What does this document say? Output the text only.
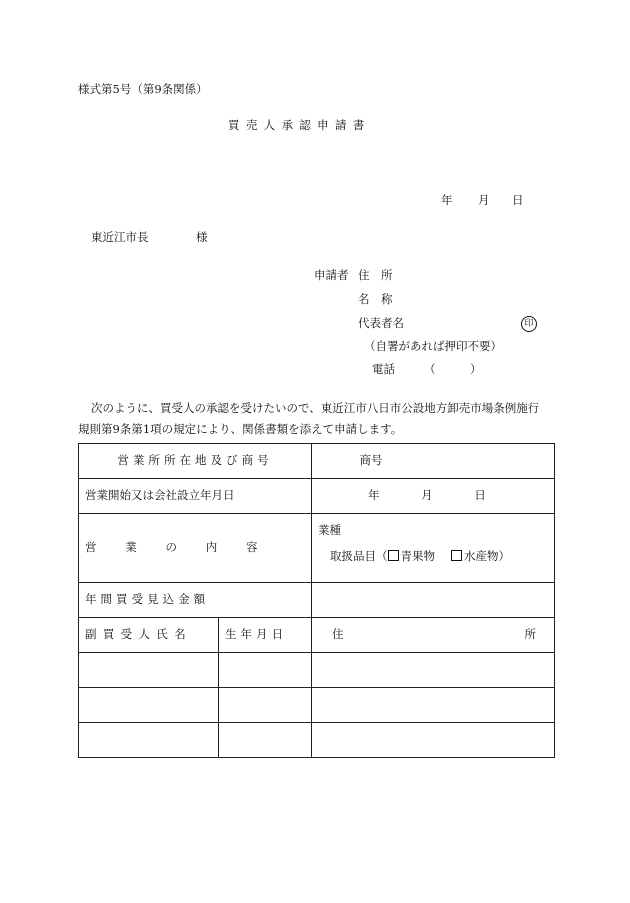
様式第5号（第9条関係）
買売人承認申請書
年 月 日
東近江市長	様
申請者 住　所
名　称
代表者名	印
（自署があれば押印不要）
電話	（　　　）
次のように、買受人の承認を受けたいので、東近江市八日市公設地方卸売市場条例施行
規則第9条第1項の規定により、関係書類を添えて申請します。
営業所所在地及び商号		商号
営業開始又は会社設立年月日		年 月 日

営業の内容		業種
取扱品目（ 青果物 水産物）

年間買受見込金額		
副買受人氏名	生年月日	住 所
